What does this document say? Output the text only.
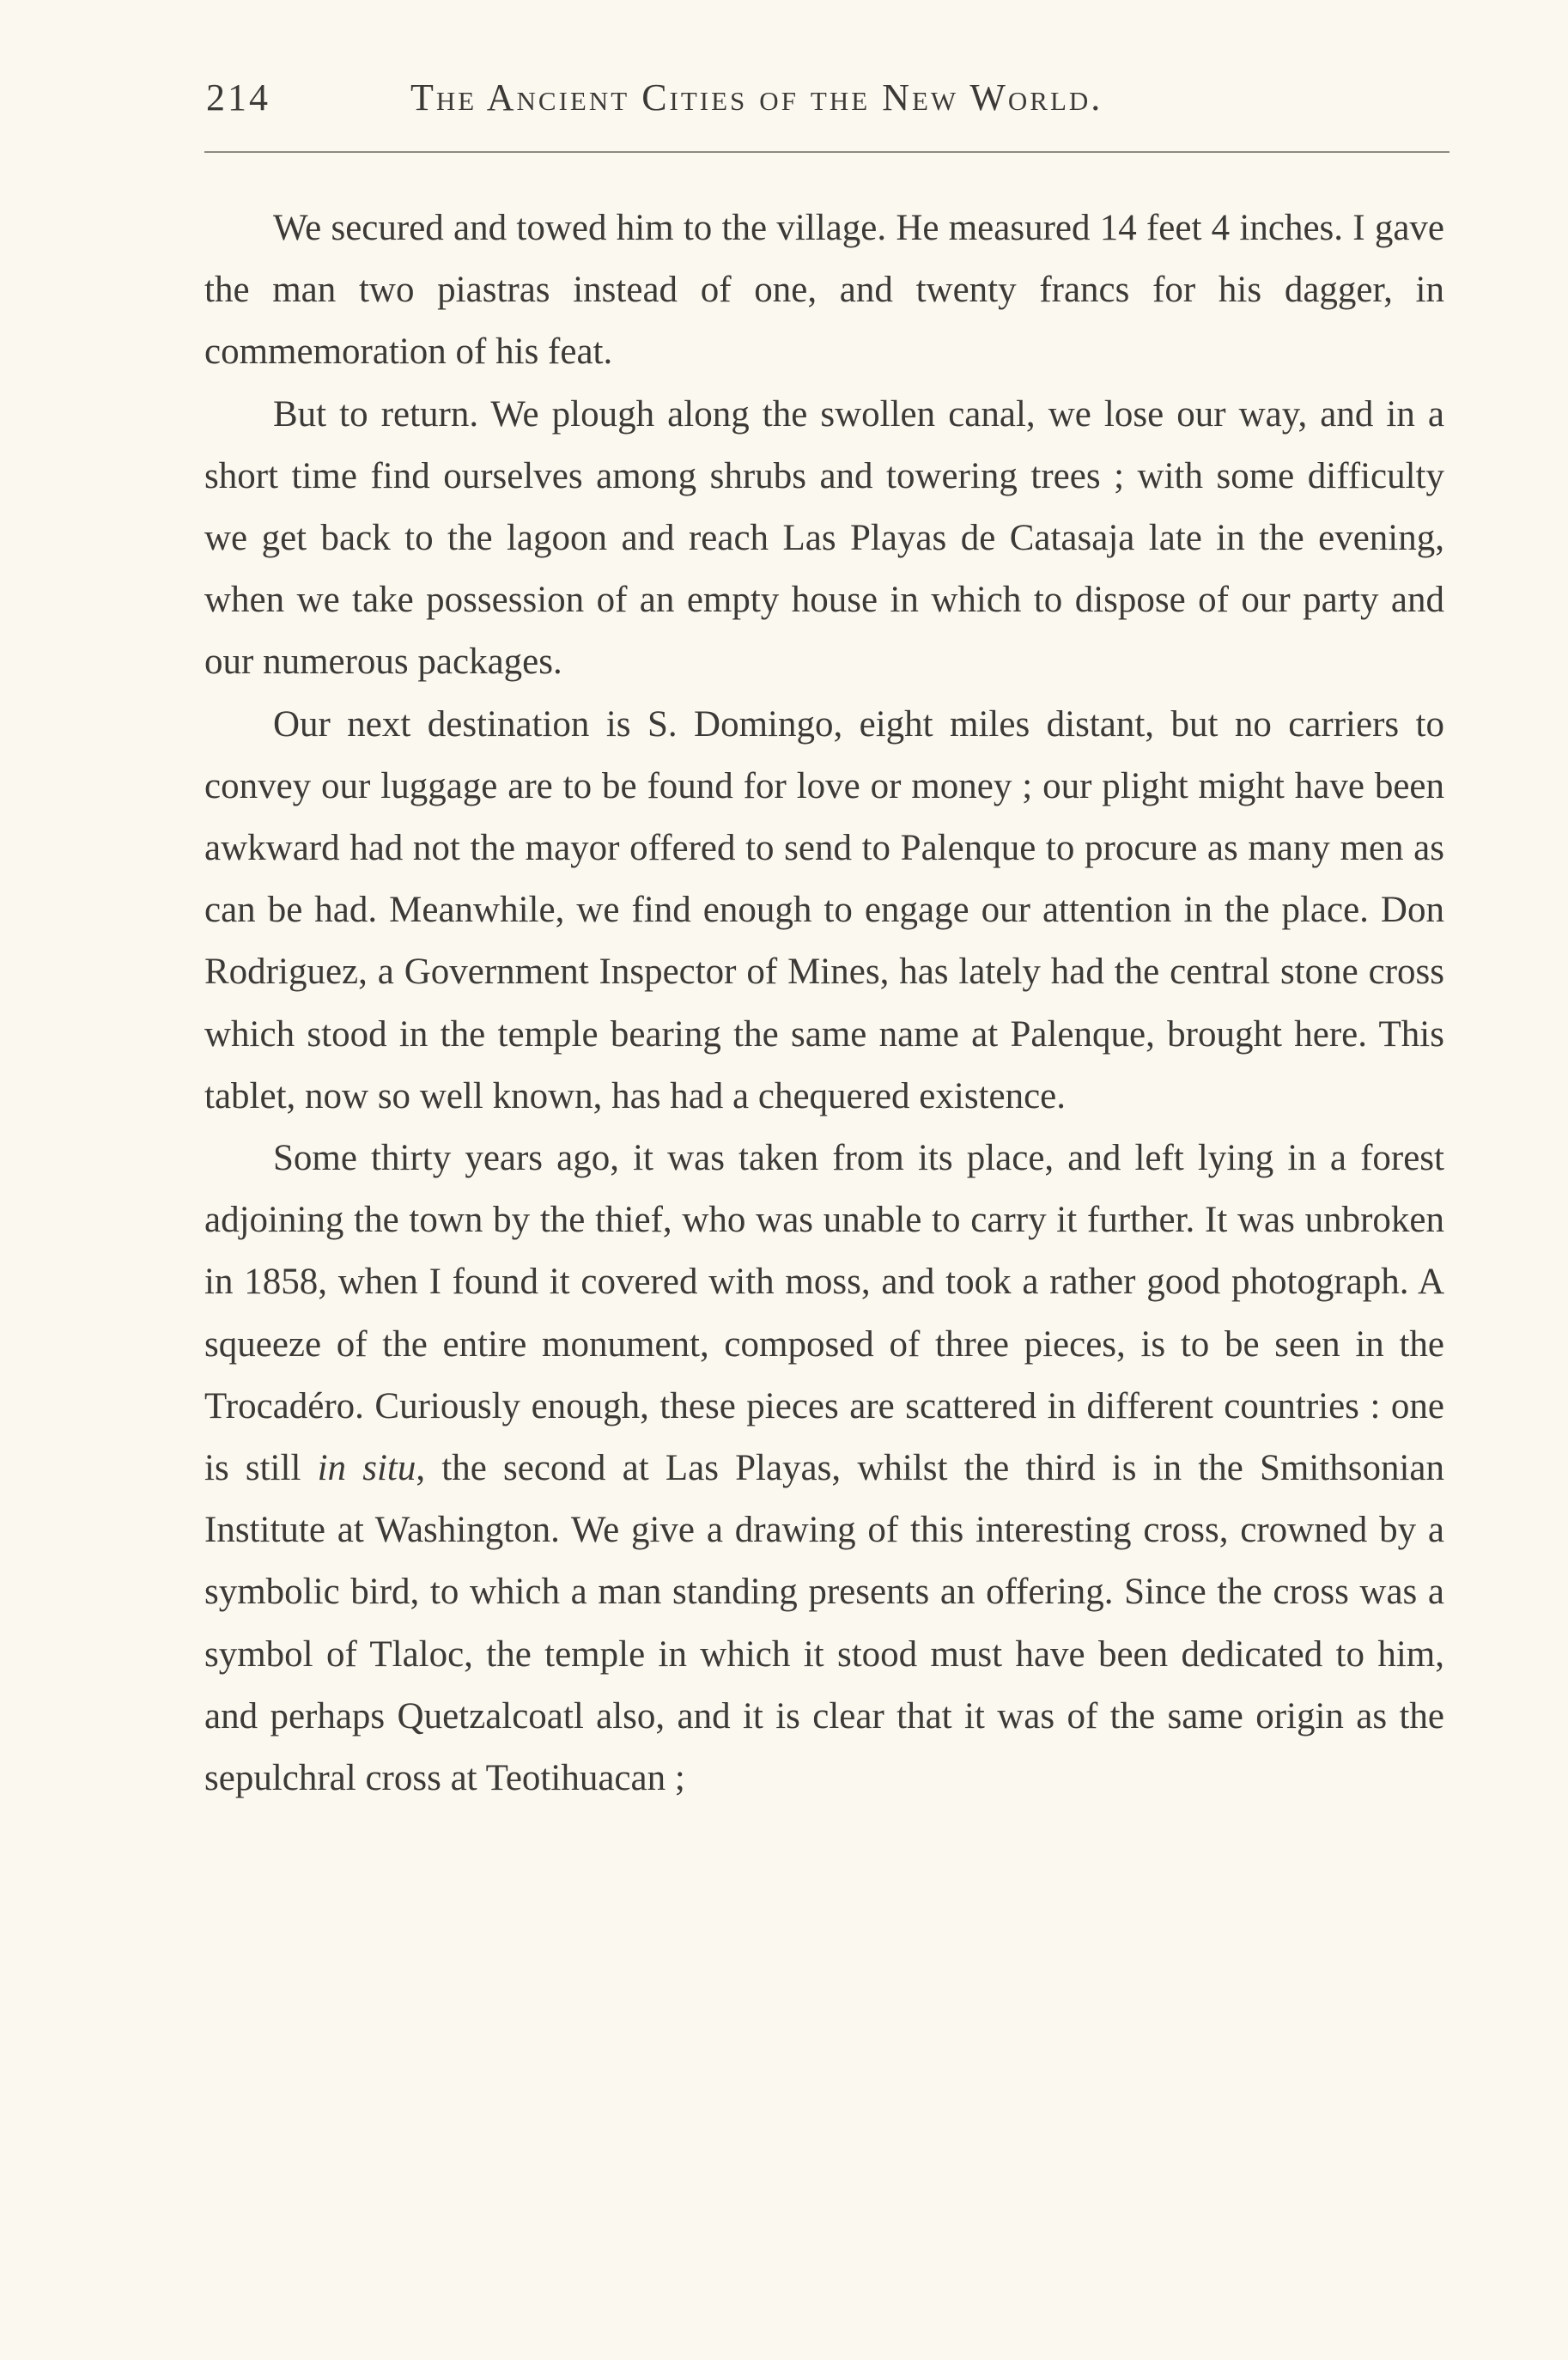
214	The Ancient Cities of the New World.

We secured and towed him to the village. He measured 14 feet 4 inches. I gave the man two piastras instead of one, and twenty francs for his dagger, in commemoration of his feat.

But to return. We plough along the swollen canal, we lose our way, and in a short time find ourselves among shrubs and towering trees ; with some difficulty we get back to the lagoon and reach Las Playas de Catasaja late in the evening, when we take possession of an empty house in which to dispose of our party and our numerous packages.

Our next destination is S. Domingo, eight miles distant, but no carriers to convey our luggage are to be found for love or money ; our plight might have been awkward had not the mayor offered to send to Palenque to procure as many men as can be had. Meanwhile, we find enough to engage our attention in the place. Don Rodriguez, a Government Inspector of Mines, has lately had the central stone cross which stood in the temple bearing the same name at Palenque, brought here. This tablet, now so well known, has had a chequered existence.

Some thirty years ago, it was taken from its place, and left lying in a forest adjoining the town by the thief, who was unable to carry it further. It was unbroken in 1858, when I found it covered with moss, and took a rather good photograph. A squeeze of the entire monument, composed of three pieces, is to be seen in the Trocadéro. Curiously enough, these pieces are scattered in different countries : one is still in situ, the second at Las Playas, whilst the third is in the Smithsonian Institute at Washington. We give a drawing of this interesting cross, crowned by a symbolic bird, to which a man standing presents an offering. Since the cross was a symbol of Tlaloc, the temple in which it stood must have been dedicated to him, and perhaps Quetzalcoatl also, and it is clear that it was of the same origin as the sepulchral cross at Teotihuacan ;
